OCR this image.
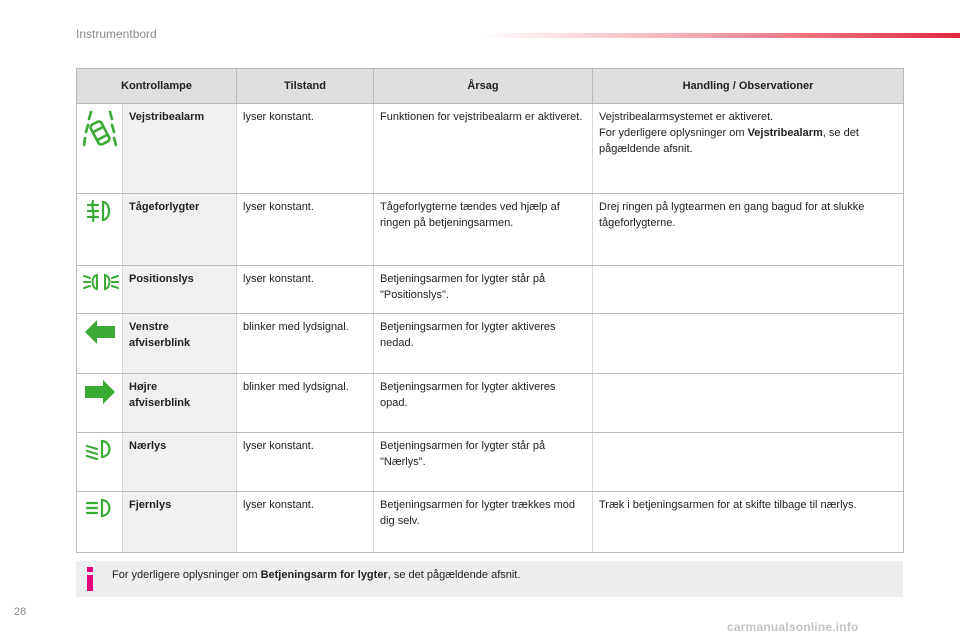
Instrumentbord
Kontrollampe		Tilstand	Årsag	Handling / Observationer

	Vejstribealarm	lyser konstant.	Funktionen for vejstribealarm er aktiveret.	Vejstribealarmsystemet er aktiveret.
For yderligere oplysninger om Vejstribealarm, se det pågældende afsnit.

	Tågeforlygter	lyser konstant.	Tågeforlygterne tændes ved hjælp af ringen på betjeningsarmen.	Drej ringen på lygtearmen en gang bagud for at slukke tågeforlygterne.

	Positionslys	lyser konstant.	Betjeningsarmen for lygter står på "Positionslys".	

	Venstre
afviserblink	blinker med lydsignal.	Betjeningsarmen for lygter aktiveres nedad.	

	Højre
afviserblink	blinker med lydsignal.	Betjeningsarmen for lygter aktiveres opad.	

	Nærlys	lyser konstant.	Betjeningsarmen for lygter står på "Nærlys".	

	Fjernlys	lyser konstant.	Betjeningsarmen for lygter trækkes mod dig selv.	Træk i betjeningsarmen for at skifte tilbage til nærlys.
For yderligere oplysninger om Betjeningsarm for lygter, se det pågældende afsnit.
28
carmanualsonline.info
